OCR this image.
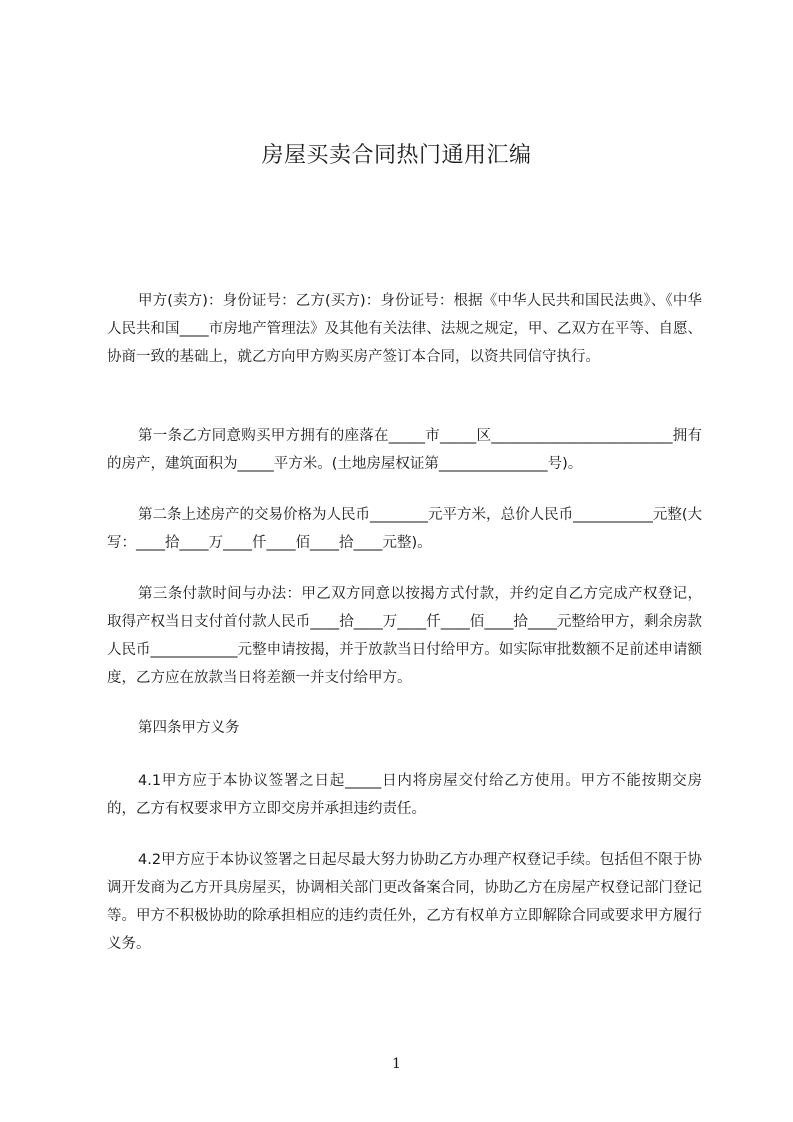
房屋买卖合同热门通用汇编

甲方(卖方)：身份证号：乙方(买方)：身份证号：根据《中华人民共和国民法典》、《中华人民共和国____市房地产管理法》及其他有关法律、法规之规定，甲、乙双方在平等、自愿、协商一致的基础上，就乙方向甲方购买房产签订本合同，以资共同信守执行。

第一条乙方同意购买甲方拥有的座落在_____市_____区_________________________拥有的房产，建筑面积为_____平方米。(土地房屋权证第_______________号)。

第二条上述房产的交易价格为人民币________元平方米，总价人民币___________元整(大写：____拾____万____仟____佰____拾____元整)。

第三条付款时间与办法：甲乙双方同意以按揭方式付款，并约定自乙方完成产权登记，取得产权当日支付首付款人民币____拾____万____仟____佰____拾____元整给甲方，剩余房款人民币____________元整申请按揭，并于放款当日付给甲方。如实际审批数额不足前述申请额度，乙方应在放款当日将差额一并支付给甲方。

第四条甲方义务

4.1甲方应于本协议签署之日起_____日内将房屋交付给乙方使用。甲方不能按期交房的，乙方有权要求甲方立即交房并承担违约责任。

4.2甲方应于本协议签署之日起尽最大努力协助乙方办理产权登记手续。包括但不限于协调开发商为乙方开具房屋买，协调相关部门更改备案合同，协助乙方在房屋产权登记部门登记等。甲方不积极协助的除承担相应的违约责任外，乙方有权单方立即解除合同或要求甲方履行义务。

1
